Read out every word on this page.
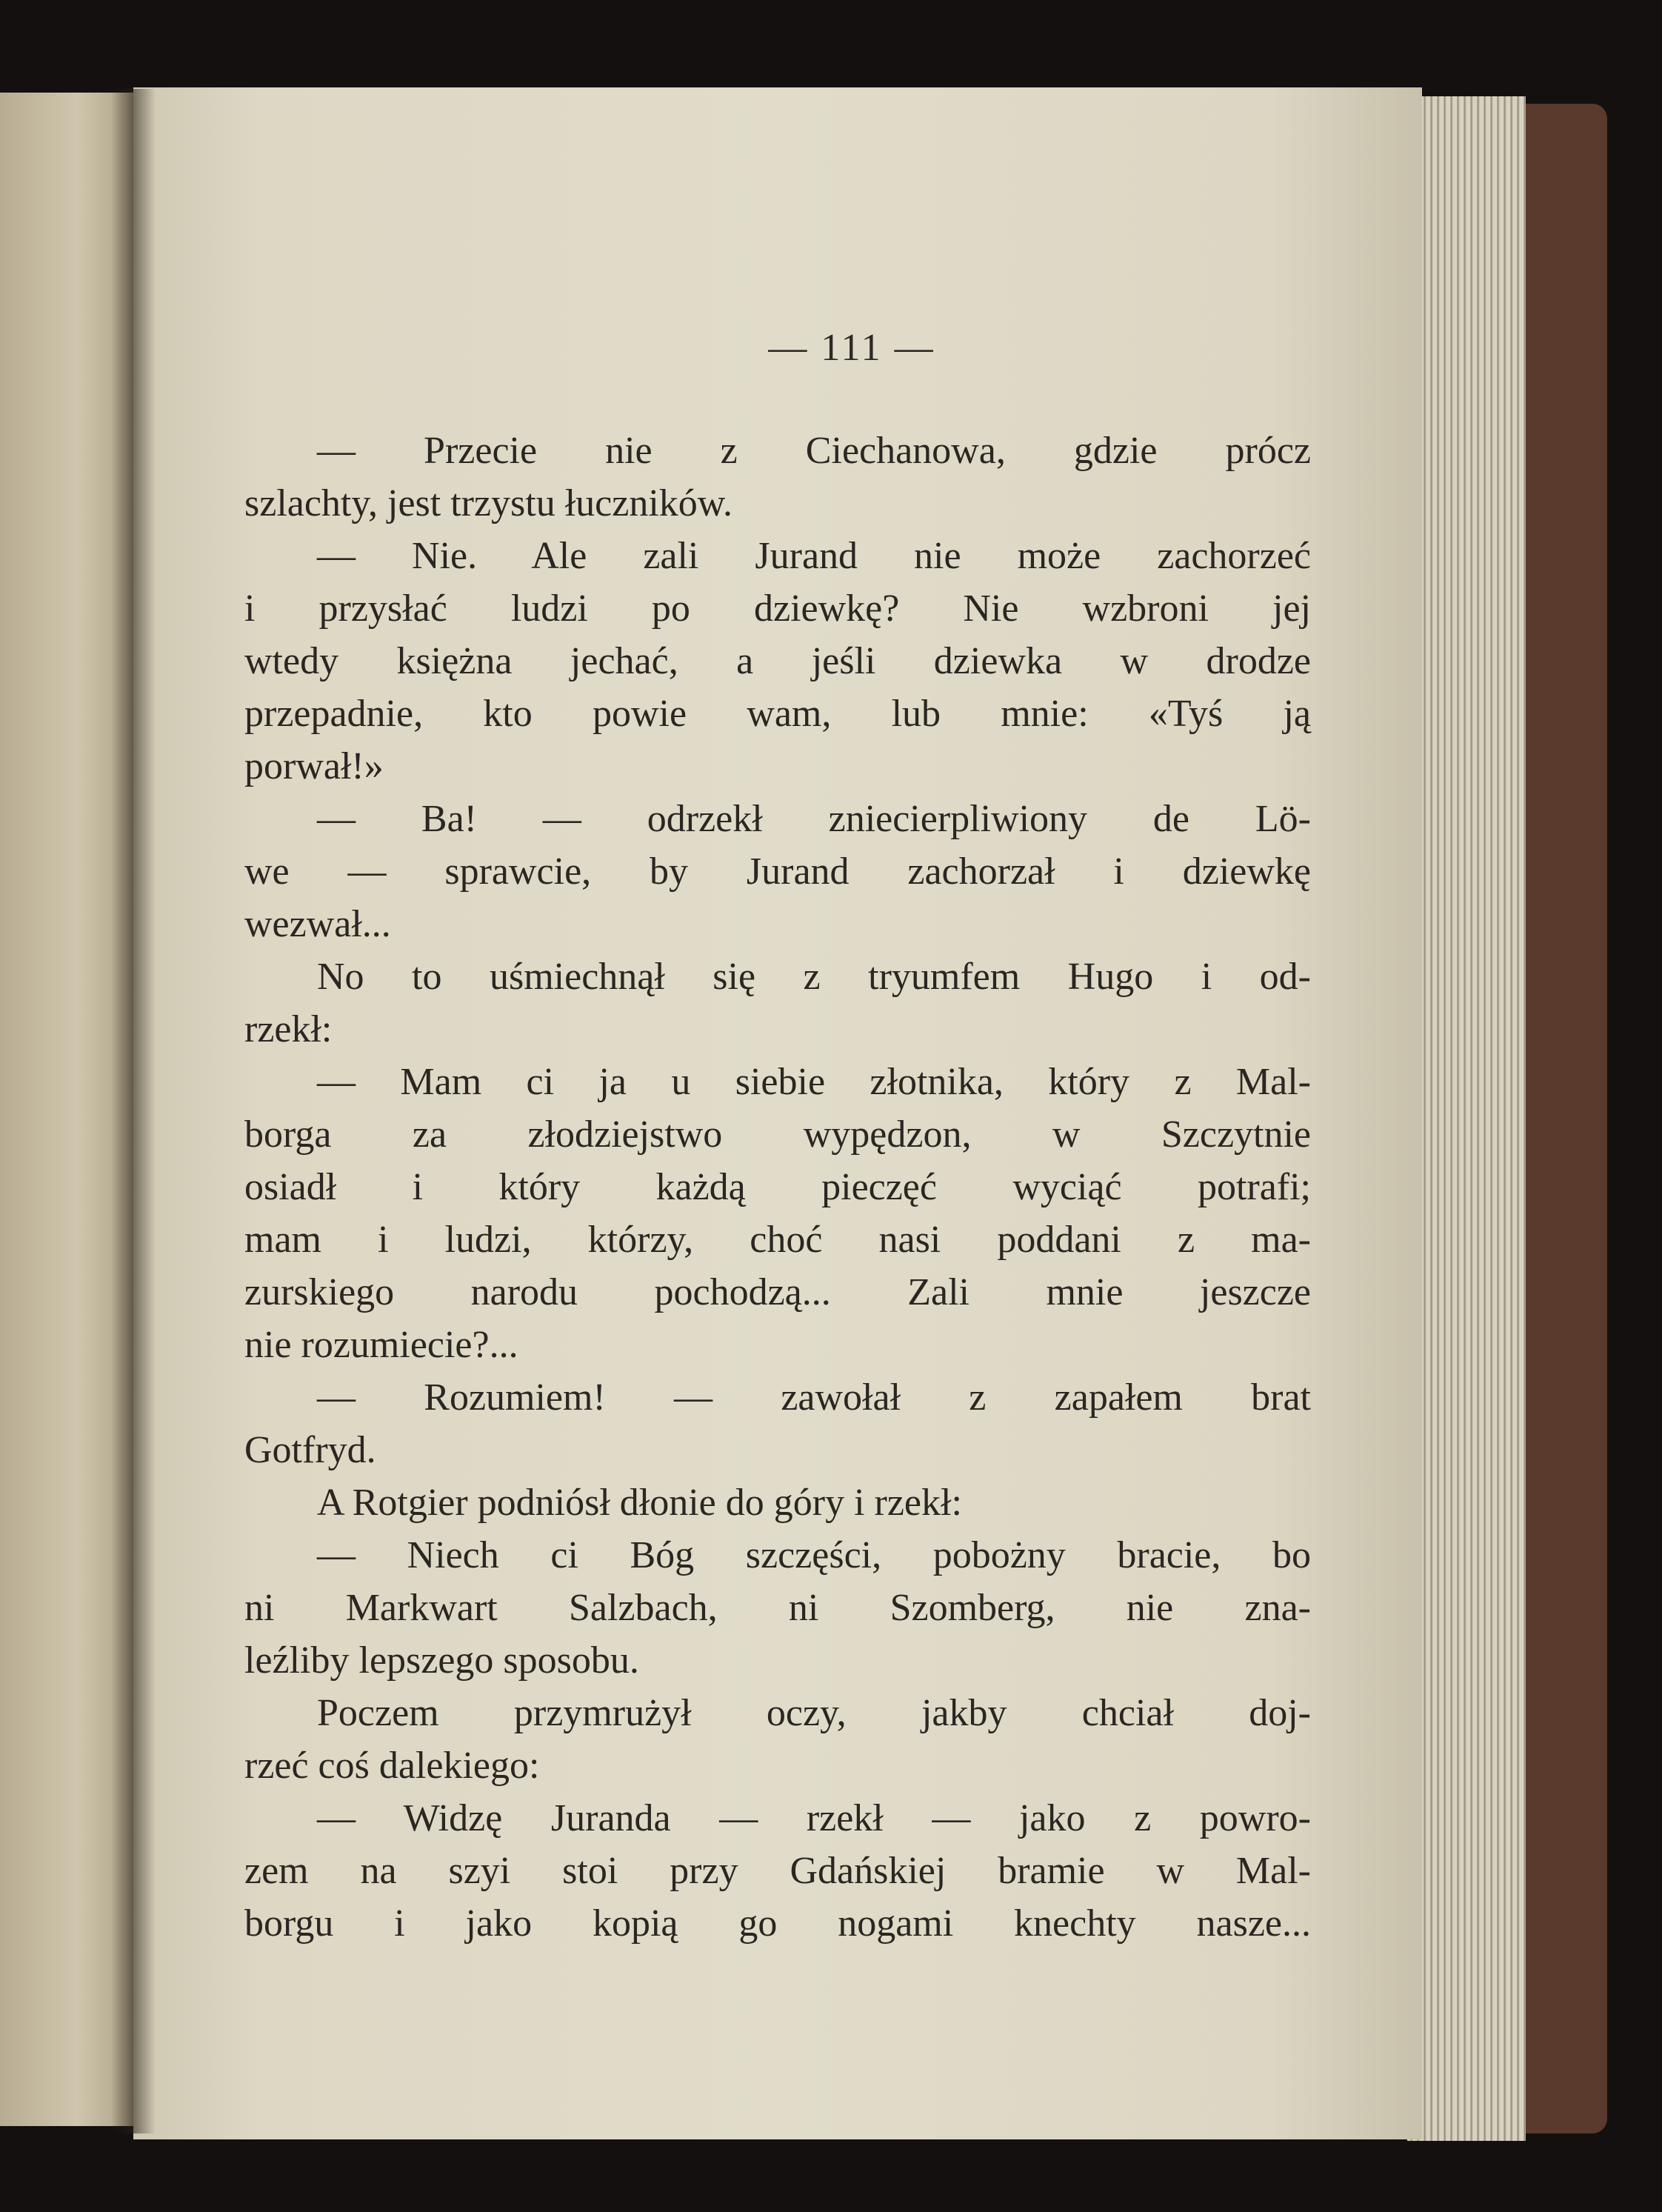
— 111 —
— Przecie nie z Ciechanowa, gdzie prócz
szlachty, jest trzystu łuczników.
— Nie. Ale zali Jurand nie może zachorzeć
i przysłać ludzi po dziewkę? Nie wzbroni jej
wtedy księżna jechać, a jeśli dziewka w drodze
przepadnie, kto powie wam, lub mnie: «Tyś ją
porwał!»
— Ba! — odrzekł zniecierpliwiony de Lö-
we — sprawcie, by Jurand zachorzał i dziewkę
wezwał...
No to uśmiechnął się z tryumfem Hugo i od-
rzekł:
— Mam ci ja u siebie złotnika, który z Mal-
borga za złodziejstwo wypędzon, w Szczytnie
osiadł i który każdą pieczęć wyciąć potrafi;
mam i ludzi, którzy, choć nasi poddani z ma-
zurskiego narodu pochodzą... Zali mnie jeszcze
nie rozumiecie?...
— Rozumiem! — zawołał z zapałem brat
Gotfryd.
A Rotgier podniósł dłonie do góry i rzekł:
— Niech ci Bóg szczęści, pobożny bracie, bo
ni Markwart Salzbach, ni Szomberg, nie zna-
leźliby lepszego sposobu.
Poczem przymrużył oczy, jakby chciał doj-
rzeć coś dalekiego:
— Widzę Juranda — rzekł — jako z powro-
zem na szyi stoi przy Gdańskiej bramie w Mal-
borgu i jako kopią go nogami knechty nasze...
